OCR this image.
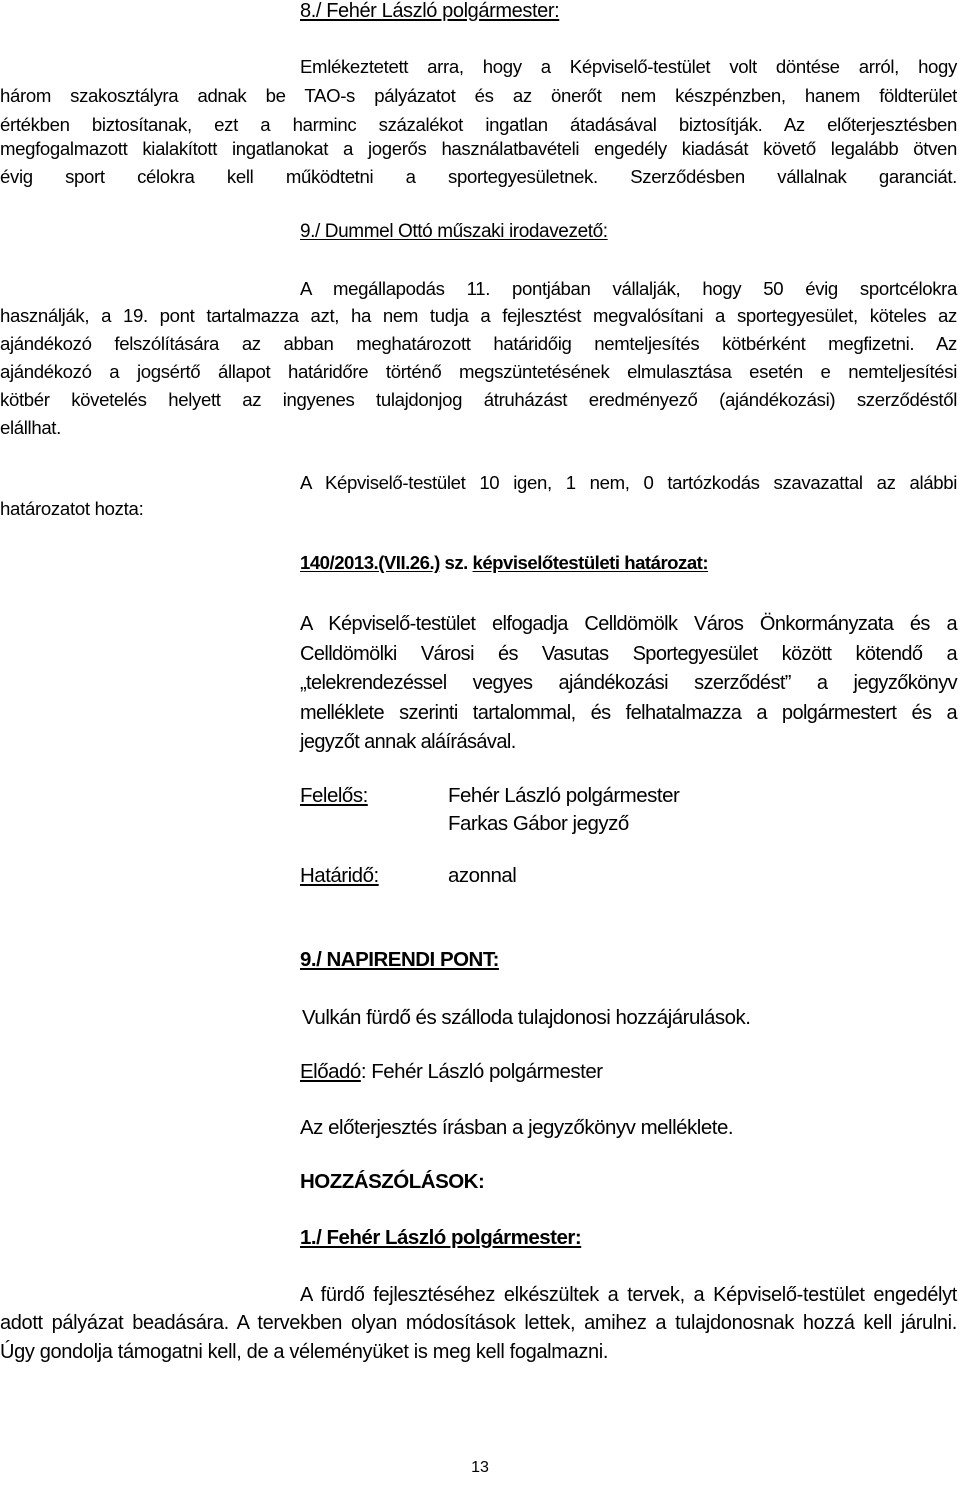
8./ Fehér László polgármester:
Emlékeztetett arra, hogy a Képviselő-testület volt döntése arról, hogy
három szakosztályra adnak be TAO-s pályázatot és az önerőt nem készpénzben, hanem földterület
értékben biztosítanak, ezt a harminc százalékot ingatlan átadásával biztosítják. Az előterjesztésben
megfogalmazott kialakított ingatlanokat a jogerős használatbavételi engedély kiadását követő legalább ötven
évig sport célokra kell működtetni a sportegyesületnek. Szerződésben vállalnak garanciát.
9./ Dummel Ottó műszaki irodavezető:
A megállapodás 11. pontjában vállalják, hogy 50 évig sportcélokra
használják, a 19. pont tartalmazza azt, ha nem tudja a fejlesztést megvalósítani a sportegyesület, köteles az
ajándékozó felszólítására az abban meghatározott határidőig nemteljesítés kötbérként megfizetni. Az
ajándékozó a jogsértő állapot határidőre történő megszüntetésének elmulasztása esetén e nemteljesítési
kötbér követelés helyett az ingyenes tulajdonjog átruházást eredményező (ajándékozási) szerződéstől
elállhat.
A Képviselő-testület 10 igen, 1 nem, 0 tartózkodás szavazattal az alábbi
határozatot hozta:
140/2013.(VII.26.) sz. képviselőtestületi határozat:
A Képviselő-testület elfogadja Celldömölk Város Önkormányzata és a
Celldömölki Városi és Vasutas Sportegyesület között kötendő a
„telekrendezéssel vegyes ajándékozási szerződést” a jegyzőkönyv
melléklete szerinti tartalommal, és felhatalmazza a polgármestert és a
jegyzőt annak aláírásával.
Felelős:	Fehér László polgármester
Farkas Gábor jegyző
Határidő:	azonnal
9./ NAPIRENDI PONT:
Vulkán fürdő és szálloda tulajdonosi hozzájárulások.
Előadó: Fehér László polgármester
Az előterjesztés írásban a jegyzőkönyv melléklete.
HOZZÁSZÓLÁSOK:
1./ Fehér László polgármester:
A fürdő fejlesztéséhez elkészültek a tervek, a Képviselő-testület engedélyt
adott pályázat beadására. A tervekben olyan módosítások lettek, amihez a tulajdonosnak hozzá kell járulni.
Úgy gondolja támogatni kell, de a véleményüket is meg kell fogalmazni.
13
